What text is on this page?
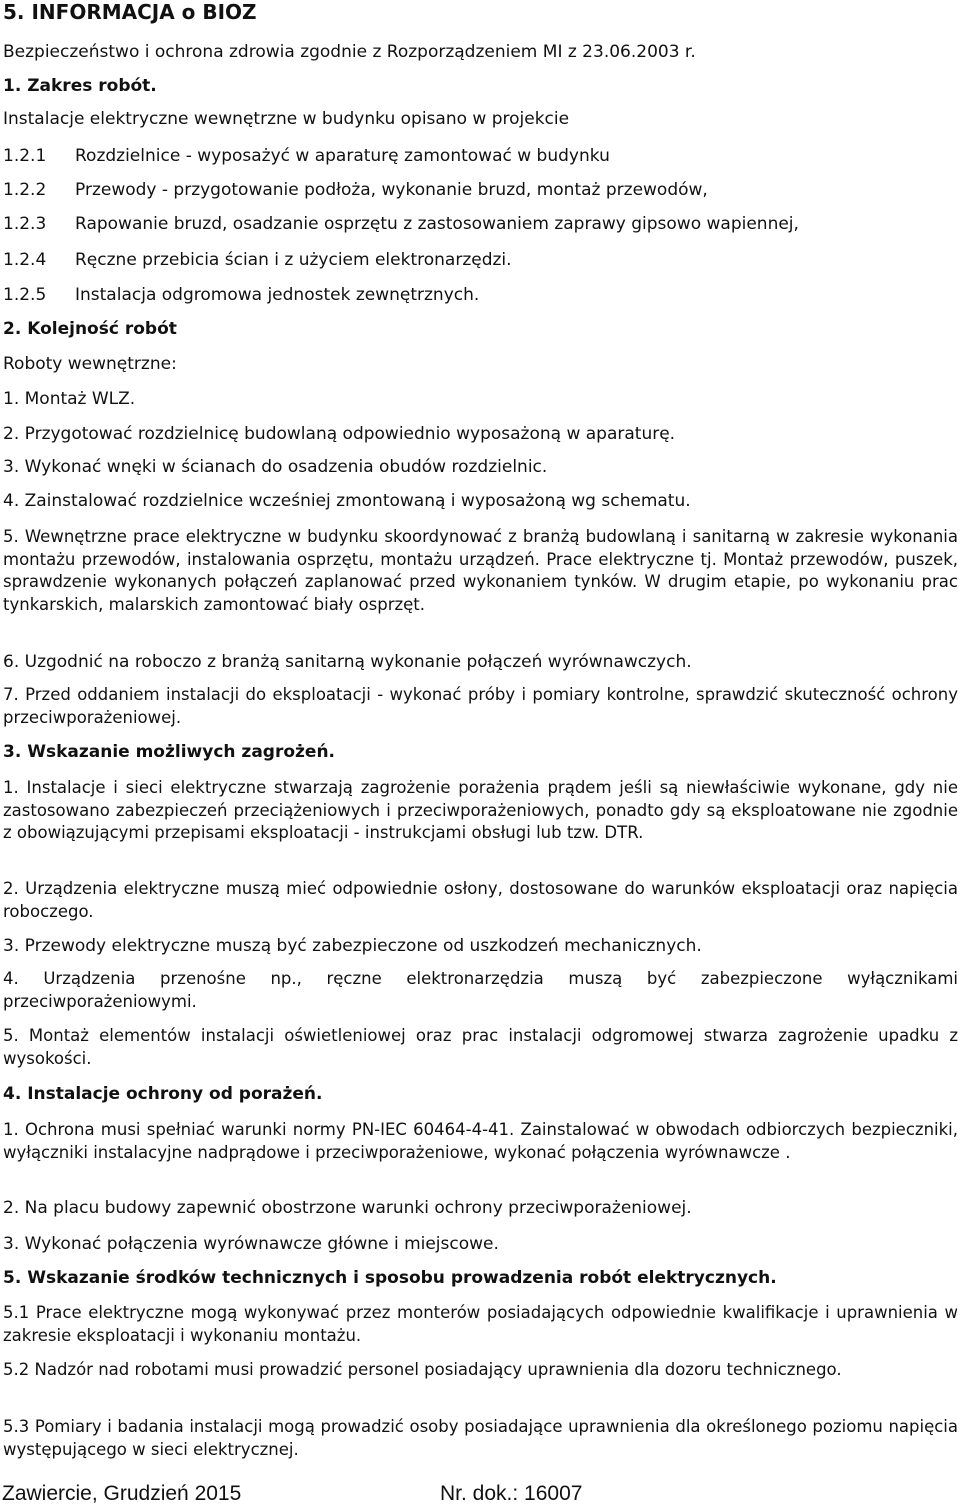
5. INFORMACJA o BIOZ
Bezpieczeństwo i ochrona zdrowia zgodnie z Rozporządzeniem MI z 23.06.2003 r.
1. Zakres robót.
Instalacje elektryczne wewnętrzne w budynku opisano w projekcie
1.2.1 Rozdzielnice - wyposażyć w aparaturę zamontować w budynku
1.2.2 Przewody - przygotowanie podłoża, wykonanie bruzd, montaż przewodów,
1.2.3 Rapowanie bruzd, osadzanie osprzętu z zastosowaniem zaprawy gipsowo wapiennej,
1.2.4 Ręczne przebicia ścian i z użyciem elektronarzędzi.
1.2.5 Instalacja odgromowa jednostek zewnętrznych.
2. Kolejność robót
Roboty wewnętrzne:
1. Montaż WLZ.
2. Przygotować rozdzielnicę budowlaną odpowiednio wyposażoną w aparaturę.
3. Wykonać wnęki w ścianach do osadzenia obudów rozdzielnic.
4. Zainstalować rozdzielnice wcześniej zmontowaną i wyposażoną wg schematu.
5. Wewnętrzne prace elektryczne w budynku skoordynować z branżą budowlaną i sanitarną w zakresie wykonania montażu przewodów, instalowania osprzętu, montażu urządzeń. Prace elektryczne tj. Montaż przewodów, puszek, sprawdzenie wykonanych połączeń zaplanować przed wykonaniem tynków. W drugim etapie, po wykonaniu prac tynkarskich, malarskich zamontować biały osprzęt.
6. Uzgodnić na roboczo z branżą sanitarną wykonanie połączeń wyrównawczych.
7. Przed oddaniem instalacji do eksploatacji - wykonać próby i pomiary kontrolne, sprawdzić skuteczność ochrony przeciwporażeniowej.
3. Wskazanie możliwych zagrożeń.
1. Instalacje i sieci elektryczne stwarzają zagrożenie porażenia prądem jeśli są niewłaściwie wykonane, gdy nie zastosowano zabezpieczeń przeciążeniowych i przeciwporażeniowych, ponadto gdy są eksploatowane nie zgodnie z obowiązującymi przepisami eksploatacji - instrukcjami obsługi lub tzw. DTR.
2. Urządzenia elektryczne muszą mieć odpowiednie osłony, dostosowane do warunków eksploatacji oraz napięcia roboczego.
3. Przewody elektryczne muszą być zabezpieczone od uszkodzeń mechanicznych.
4. Urządzenia przenośne np., ręczne elektronarzędzia muszą być zabezpieczone wyłącznikami przeciwporażeniowymi.
5. Montaż elementów instalacji oświetleniowej oraz prac instalacji odgromowej stwarza zagrożenie upadku z wysokości.
4. Instalacje ochrony od porażeń.
1. Ochrona musi spełniać warunki normy PN-IEC 60464-4-41. Zainstalować w obwodach odbiorczych bezpieczniki, wyłączniki instalacyjne nadprądowe i przeciwporażeniowe, wykonać połączenia wyrównawcze .
2. Na placu budowy zapewnić obostrzone warunki ochrony przeciwporażeniowej.
3. Wykonać połączenia wyrównawcze główne i miejscowe.
5. Wskazanie środków technicznych i sposobu prowadzenia robót elektrycznych.
5.1 Prace elektryczne mogą wykonywać przez monterów posiadających odpowiednie kwalifikacje i uprawnienia w zakresie eksploatacji i wykonaniu montażu.
5.2 Nadzór nad robotami musi prowadzić personel posiadający uprawnienia dla dozoru technicznego.
5.3 Pomiary i badania instalacji mogą prowadzić osoby posiadające uprawnienia dla określonego poziomu napięcia występującego w sieci elektrycznej.
Zawiercie, Grudzień 2015	Nr. dok.: 16007
